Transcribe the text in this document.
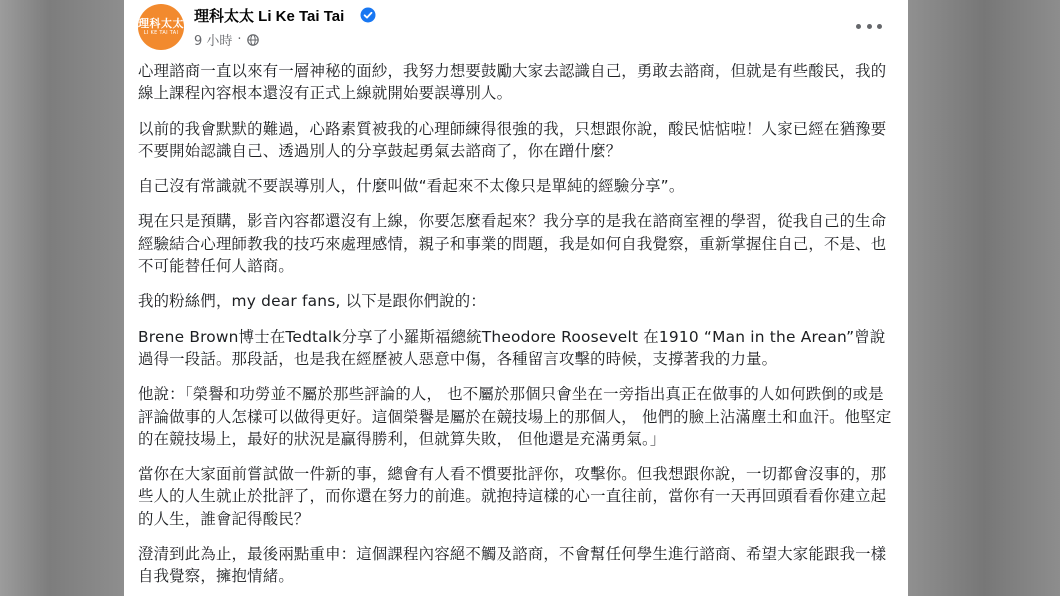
理科太太
LI KE TAI TAI
理科太太 Li Ke Tai Tai
9 小時 ·

心理諮商一直以來有一層神秘的面紗，我努力想要鼓勵大家去認識自己，勇敢去諮商，但就是有些酸民，我的線上課程內容根本還沒有正式上線就開始要誤導別人。

以前的我會默默的難過，心路素質被我的心理師練得很強的我，只想跟你說，酸民惦惦啦！人家已經在猶豫要不要開始認識自己、透過別人的分享鼓起勇氣去諮商了，你在蹭什麼？

自己沒有常識就不要誤導別人，什麼叫做“看起來不太像只是單純的經驗分享”。

現在只是預購，影音內容都還沒有上線，你要怎麼看起來？我分享的是我在諮商室裡的學習，從我自己的生命經驗結合心理師教我的技巧來處理感情，親子和事業的問題，我是如何自我覺察，重新掌握住自己，不是、也不可能替任何人諮商。

我的粉絲們，my dear fans, 以下是跟你們說的：

Brene Brown博士在Tedtalk分享了小羅斯福總統Theodore Roosevelt 在1910 “Man in the Arean”曾說過得一段話。那段話，也是我在經歷被人惡意中傷，各種留言攻擊的時候，支撐著我的力量。

他說：「榮譽和功勞並不屬於那些評論的人， 也不屬於那個只會坐在一旁指出真正在做事的人如何跌倒的或是評論做事的人怎樣可以做得更好。這個榮譽是屬於在競技場上的那個人， 他們的臉上沾滿塵土和血汗。他堅定的在競技場上，最好的狀況是贏得勝利，但就算失敗， 但他還是充滿勇氣。」

當你在大家面前嘗試做一件新的事，總會有人看不慣要批評你，攻擊你。但我想跟你說，一切都會沒事的，那些人的人生就止於批評了，而你還在努力的前進。就抱持這樣的心一直往前，當你有一天再回頭看看你建立起的人生，誰會記得酸民？

澄清到此為止，最後兩點重申：這個課程內容絕不觸及諮商，不會幫任何學生進行諮商、希望大家能跟我一樣自我覺察，擁抱情緒。
